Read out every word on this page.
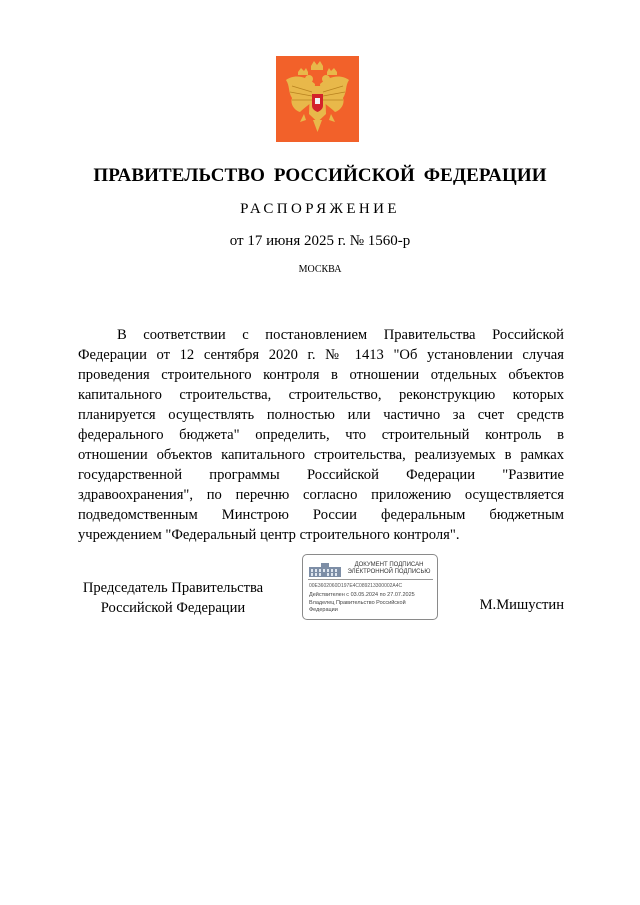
ПРАВИТЕЛЬСТВО РОССИЙСКОЙ ФЕДЕРАЦИИ
РАСПОРЯЖЕНИЕ
от 17 июня 2025 г. № 1560-р
МОСКВА

В соответствии с постановлением Правительства Российской Федерации от 12 сентября 2020 г. № 1413 "Об установлении случая проведения строительного контроля в отношении отдельных объектов капитального строительства, строительство, реконструкцию которых планируется осуществлять полностью или частично за счет средств федерального бюджета" определить, что строительный контроль в отношении объектов капитального строительства, реализуемых в рамках государственной программы Российской Федерации "Развитие здравоохранения", по перечню согласно приложению осуществляется подведомственным Минстрою России федеральным бюджетным учреждением "Федеральный центр строительного контроля".

Председатель Правительства
Российской Федерации
ДОКУМЕНТ ПОДПИСАН
ЭЛЕКТРОННОЙ ПОДПИСЬЮ
00E3602060D197E4C089213300002A4C
Действителен с 03.05.2024 по 27.07.2025
Владелец Правительство Российской Федерации	М.Мишустин
